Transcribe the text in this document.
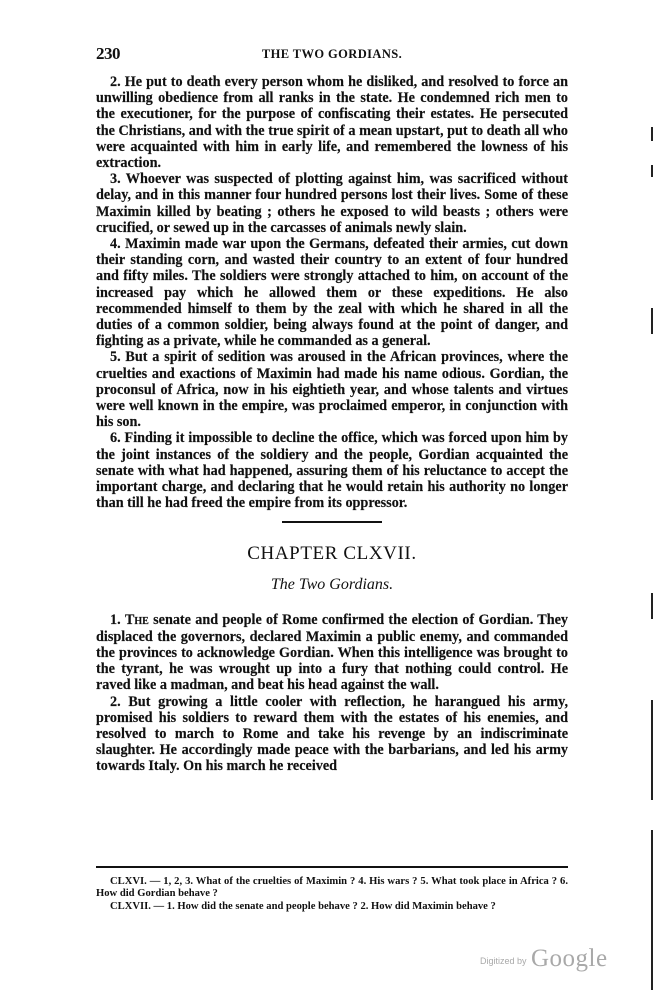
230	THE TWO GORDIANS.

2. He put to death every person whom he disliked, and resolved to force an unwilling obedience from all ranks in the state. He condemned rich men to the executioner, for the purpose of confiscating their estates. He persecuted the Christians, and with the true spirit of a mean upstart, put to death all who were acquainted with him in early life, and remembered the lowness of his extraction.

3. Whoever was suspected of plotting against him, was sacrificed without delay, and in this manner four hundred persons lost their lives. Some of these Maximin killed by beating ; others he exposed to wild beasts ; others were crucified, or sewed up in the carcasses of animals newly slain.

4. Maximin made war upon the Germans, defeated their armies, cut down their standing corn, and wasted their country to an extent of four hundred and fifty miles. The soldiers were strongly attached to him, on account of the increased pay which he allowed them or these expeditions. He also recommended himself to them by the zeal with which he shared in all the duties of a common soldier, being always found at the point of danger, and fighting as a private, while he commanded as a general.

5. But a spirit of sedition was aroused in the African provinces, where the cruelties and exactions of Maximin had made his name odious. Gordian, the proconsul of Africa, now in his eightieth year, and whose talents and virtues were well known in the empire, was proclaimed emperor, in conjunction with his son.

6. Finding it impossible to decline the office, which was forced upon him by the joint instances of the soldiery and the people, Gordian acquainted the senate with what had happened, assuring them of his reluctance to accept the important charge, and declaring that he would retain his authority no longer than till he had freed the empire from its oppressor.

CHAPTER CLXVII.
The Two Gordians.

1. The senate and people of Rome confirmed the election of Gordian. They displaced the governors, declared Maximin a public enemy, and commanded the provinces to acknowledge Gordian. When this intelligence was brought to the tyrant, he was wrought up into a fury that nothing could control. He raved like a madman, and beat his head against the wall.

2. But growing a little cooler with reflection, he harangued his army, promised his soldiers to reward them with the estates of his enemies, and resolved to march to Rome and take his revenge by an indiscriminate slaughter. He accordingly made peace with the barbarians, and led his army towards Italy. On his march he received

CLXVI. — 1, 2, 3. What of the cruelties of Maximin ? 4. His wars ? 5. What took place in Africa ? 6. How did Gordian behave ?

CLXVII. — 1. How did the senate and people behave ? 2. How did Maximin behave ?

Digitized by Google
